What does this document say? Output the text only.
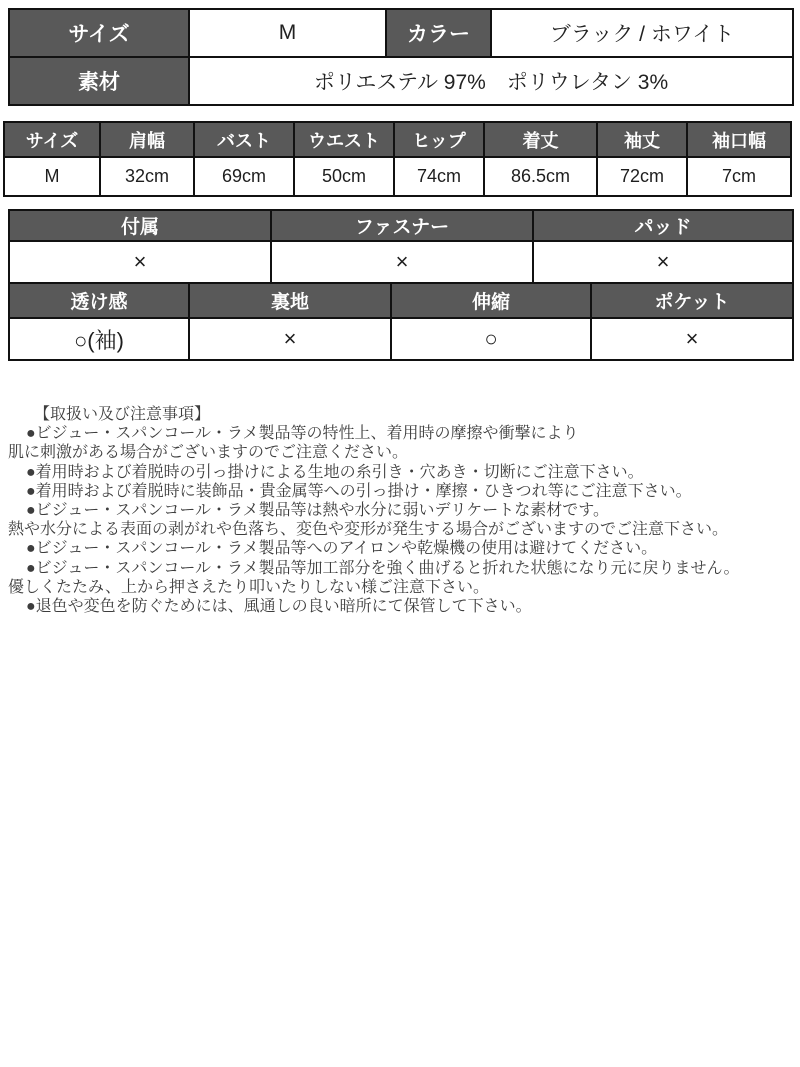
サイズ	M	カラー	ブラック / ホワイト
素材	ポリエステル 97%　ポリウレタン 3%		
サイズ	肩幅	バスト	ウエスト	ヒップ	着丈	袖丈	袖口幅
M	32cm	69cm	50cm	74cm	86.5cm	72cm	7cm
付属	ファスナー	パッド
×	×	×
透け感	裏地	伸縮	ポケット
○(袖)	×	○	×
【取扱い及び注意事項】
●ビジュー・スパンコール・ラメ製品等の特性上、着用時の摩擦や衝撃により
肌に刺激がある場合がございますのでご注意ください。
●着用時および着脱時の引っ掛けによる生地の糸引き・穴あき・切断にご注意下さい。
●着用時および着脱時に装飾品・貴金属等への引っ掛け・摩擦・ひきつれ等にご注意下さい。
●ビジュー・スパンコール・ラメ製品等は熱や水分に弱いデリケートな素材です。
熱や水分による表面の剥がれや色落ち、変色や変形が発生する場合がございますのでご注意下さい。
●ビジュー・スパンコール・ラメ製品等へのアイロンや乾燥機の使用は避けてください。
●ビジュー・スパンコール・ラメ製品等加工部分を強く曲げると折れた状態になり元に戻りません。
優しくたたみ、上から押さえたり叩いたりしない様ご注意下さい。
●退色や変色を防ぐためには、風通しの良い暗所にて保管して下さい。
